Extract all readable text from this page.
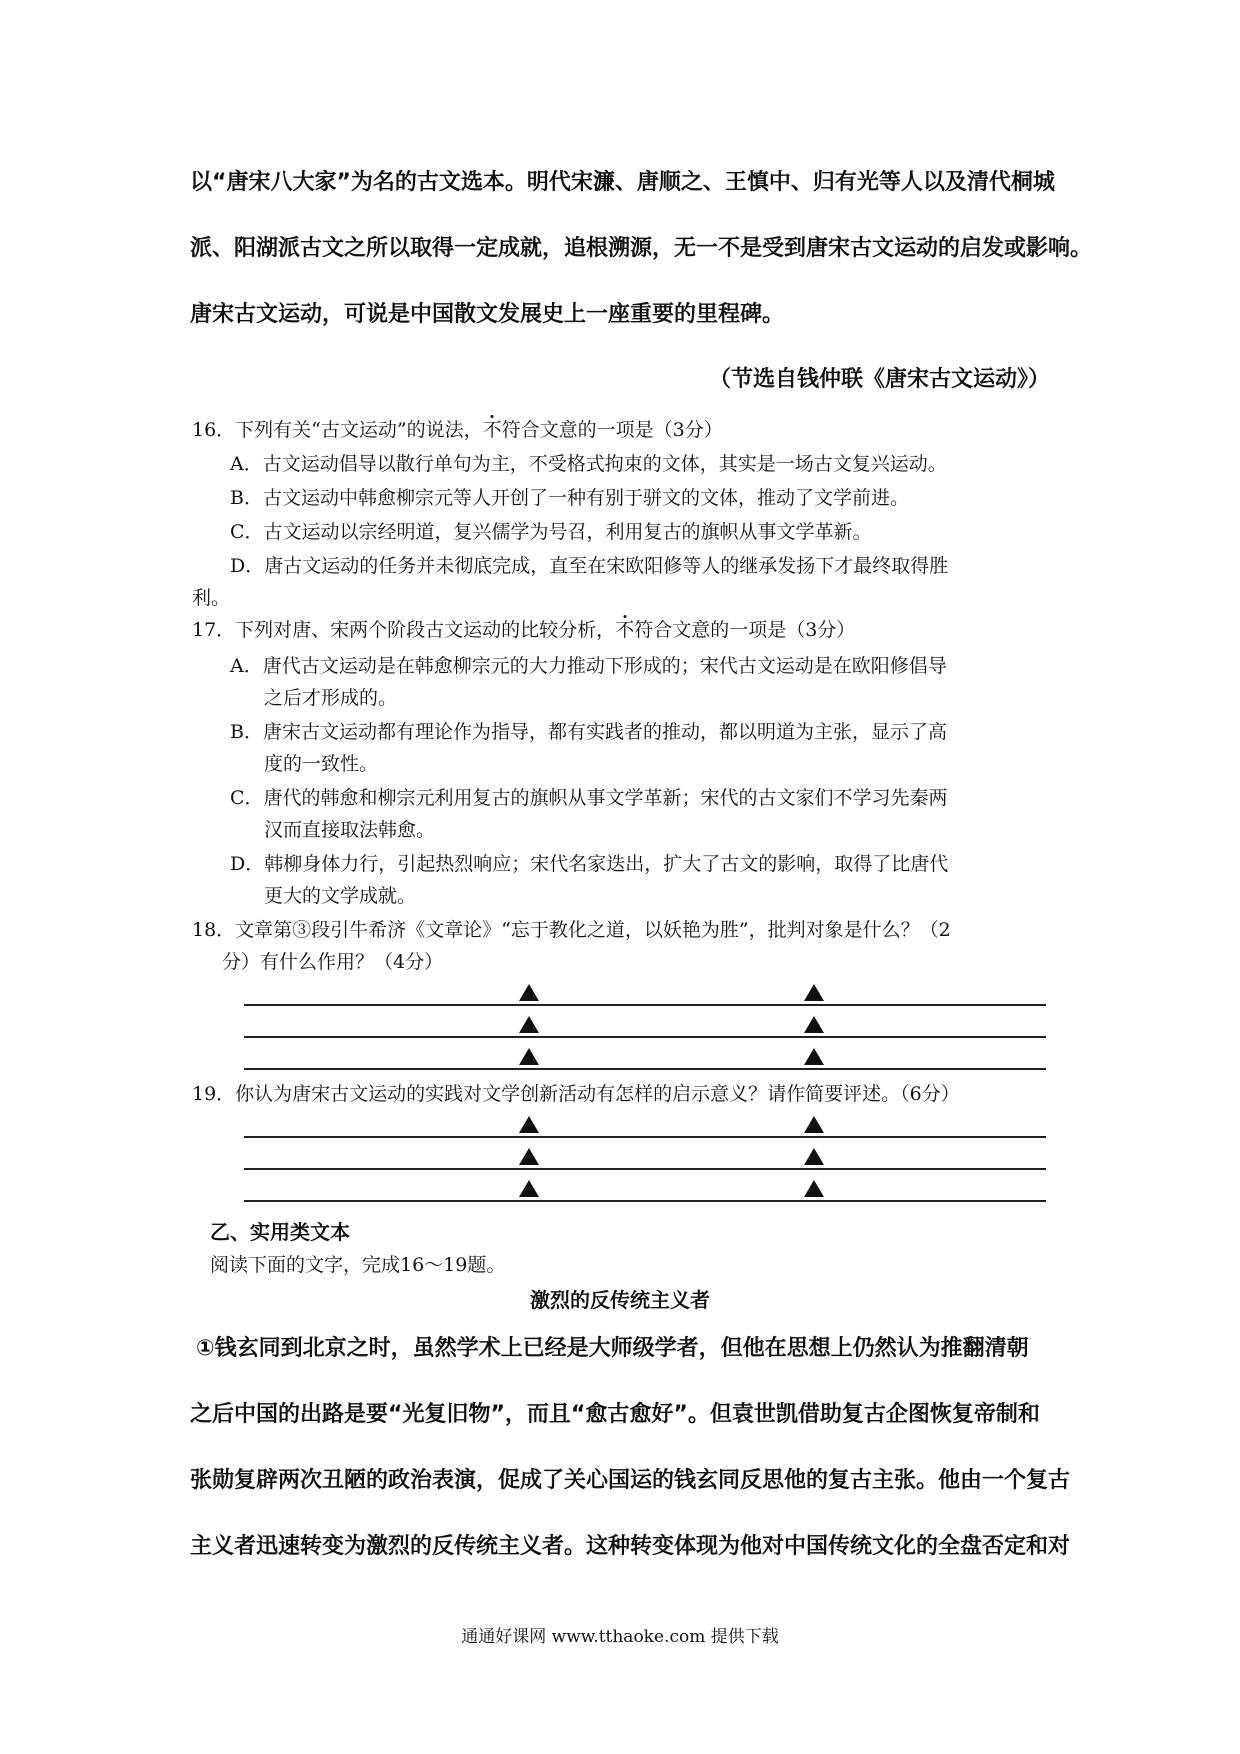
以“唐宋八大家”为名的古文选本。明代宋濂、唐顺之、王慎中、归有光等人以及清代桐城
派、阳湖派古文之所以取得一定成就，追根溯源，无一不是受到唐宋古文运动的启发或影响。
唐宋古文运动，可说是中国散文发展史上一座重要的里程碑。
（节选自钱仲联《唐宋古文运动》）
16．下列有关“古文运动”的说法，不符合文意的一项是（3分）
A．古文运动倡导以散行单句为主，不受格式拘束的文体，其实是一场古文复兴运动。
B．古文运动中韩愈柳宗元等人开创了一种有别于骈文的文体，推动了文学前进。
C．古文运动以宗经明道，复兴儒学为号召，利用复古的旗帜从事文学革新。
D．唐古文运动的任务并未彻底完成，直至在宋欧阳修等人的继承发扬下才最终取得胜
利。
17．下列对唐、宋两个阶段古文运动的比较分析，不符合文意的一项是（3分）
A．唐代古文运动是在韩愈柳宗元的大力推动下形成的；宋代古文运动是在欧阳修倡导
之后才形成的。
B．唐宋古文运动都有理论作为指导，都有实践者的推动，都以明道为主张，显示了高
度的一致性。
C．唐代的韩愈和柳宗元利用复古的旗帜从事文学革新；宋代的古文家们不学习先秦两
汉而直接取法韩愈。
D．韩柳身体力行，引起热烈响应；宋代名家迭出，扩大了古文的影响，取得了比唐代
更大的文学成就。
18．文章第③段引牛希济《文章论》“忘于教化之道，以妖艳为胜”，批判对象是什么？（2
分）有什么作用？（4分）
19．你认为唐宋古文运动的实践对文学创新活动有怎样的启示意义？请作简要评述。（6分）
乙、实用类文本
阅读下面的文字，完成16～19题。
激烈的反传统主义者
①钱玄同到北京之时，虽然学术上已经是大师级学者，但他在思想上仍然认为推翻清朝
之后中国的出路是要“光复旧物”，而且“愈古愈好”。但袁世凯借助复古企图恢复帝制和
张勋复辟两次丑陋的政治表演，促成了关心国运的钱玄同反思他的复古主张。他由一个复古
主义者迅速转变为激烈的反传统主义者。这种转变体现为他对中国传统文化的全盘否定和对
通通好课网 www.tthaoke.com 提供下载
